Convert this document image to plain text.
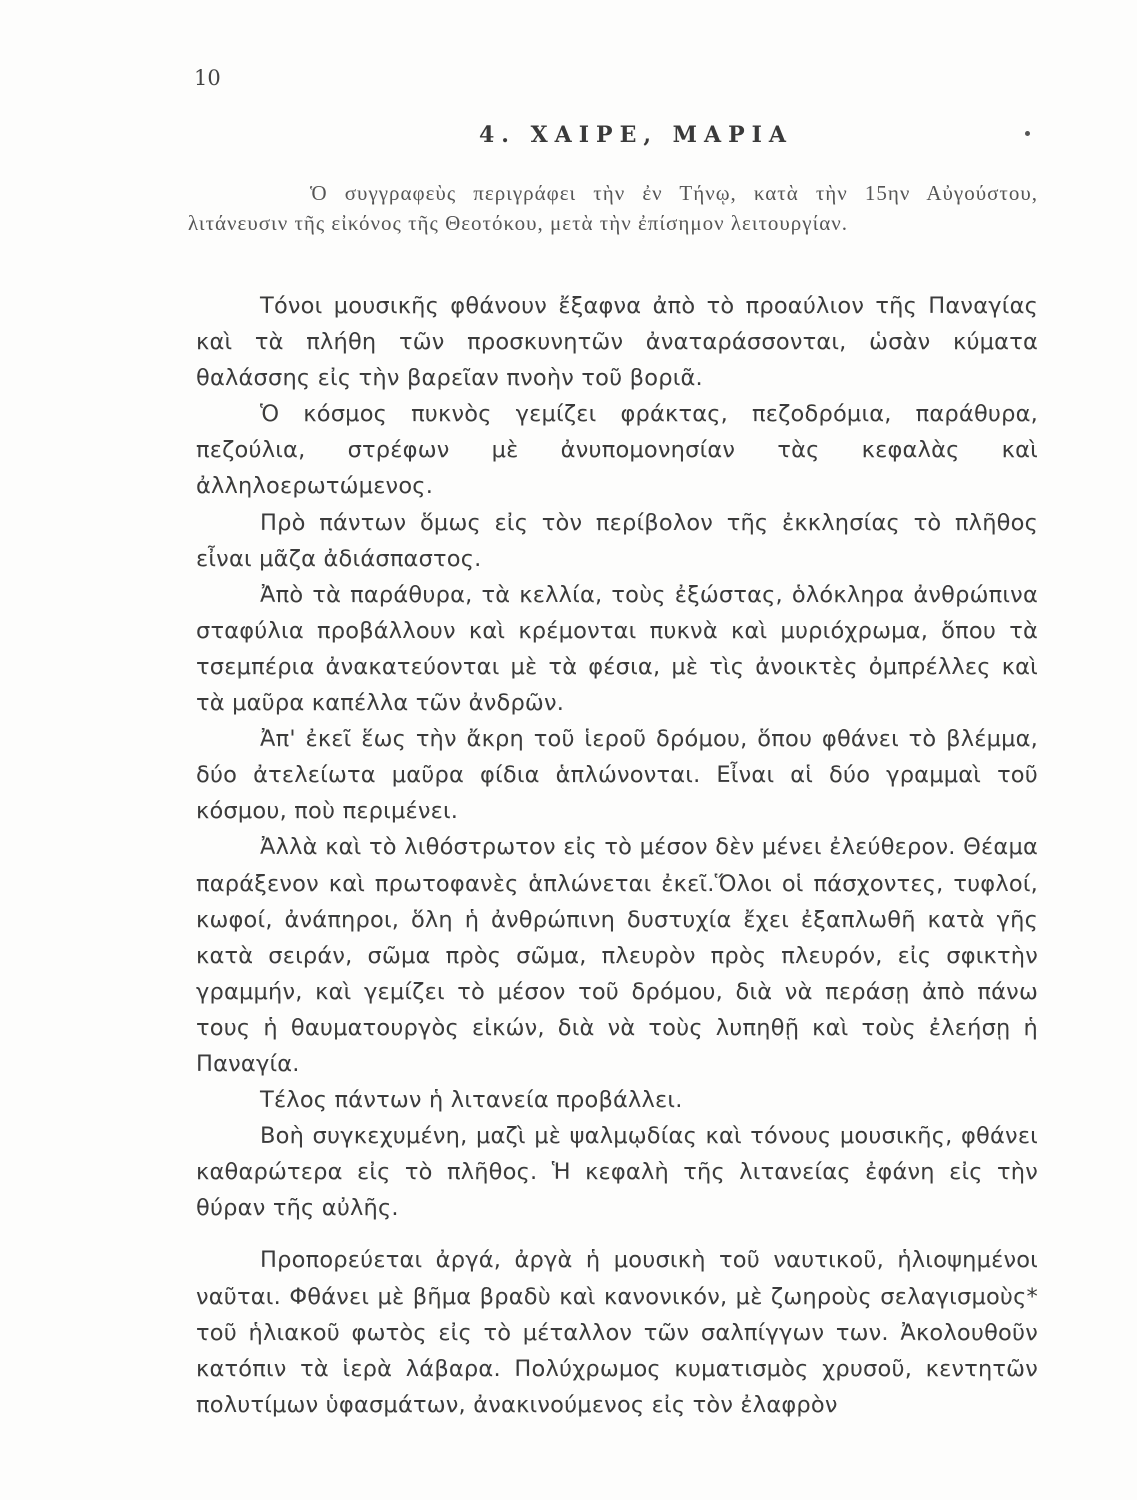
10
4. ΧΑΙΡΕ, ΜΑΡΙΑ

Ὁ συγγραφεὺς περιγράφει τὴν ἐν Τήνῳ, κατὰ τὴν 15ην Αὐγούστου, λιτάνευσιν τῆς εἰκόνος τῆς Θεοτόκου, μετὰ τὴν ἐπίσημον λειτουργίαν.

Τόνοι μουσικῆς φθάνουν ἔξαφνα ἀπὸ τὸ προαύλιον τῆς Παναγίας καὶ τὰ πλήθη τῶν προσκυνητῶν ἀναταράσσονται, ὡσὰν κύματα θαλάσσης εἰς τὴν βαρεῖαν πνοὴν τοῦ βοριᾶ.

Ὁ κόσμος πυκνὸς γεμίζει φράκτας, πεζοδρόμια, παράθυρα, πεζούλια, στρέφων μὲ ἀνυπομονησίαν τὰς κεφαλὰς καὶ ἀλληλοερωτώμενος.

Πρὸ πάντων ὅμως εἰς τὸν περίβολον τῆς ἐκκλησίας τὸ πλῆθος εἶναι μᾶζα ἀδιάσπαστος.

Ἀπὸ τὰ παράθυρα, τὰ κελλία, τοὺς ἐξώστας, ὁλόκληρα ἀνθρώπινα σταφύλια προβάλλουν καὶ κρέμονται πυκνὰ καὶ μυριόχρωμα, ὅπου τὰ τσεμπέρια ἀνακατεύονται μὲ τὰ φέσια, μὲ τὶς ἀνοικτὲς ὀμπρέλλες καὶ τὰ μαῦρα καπέλλα τῶν ἀνδρῶν.

Ἀπ' ἐκεῖ ἕως τὴν ἄκρη τοῦ ἱεροῦ δρόμου, ὅπου φθάνει τὸ βλέμμα, δύο ἀτελείωτα μαῦρα φίδια ἁπλώνονται. Εἶναι αἱ δύο γραμμαὶ τοῦ κόσμου, ποὺ περιμένει.

Ἀλλὰ καὶ τὸ λιθόστρωτον εἰς τὸ μέσον δὲν μένει ἐλεύθερον. Θέαμα παράξενον καὶ πρωτοφανὲς ἁπλώνεται ἐκεῖ.Ὅλοι οἱ πάσχοντες, τυφλοί, κωφοί, ἀνάπηροι, ὅλη ἡ ἀνθρώπινη δυστυχία ἔχει ἐξαπλωθῆ κατὰ γῆς κατὰ σειράν, σῶμα πρὸς σῶμα, πλευρὸν πρὸς πλευρόν, εἰς σφικτὴν γραμμήν, καὶ γεμίζει τὸ μέσον τοῦ δρόμου, διὰ νὰ περάσῃ ἀπὸ πάνω τους ἡ θαυματουργὸς εἰκών, διὰ νὰ τοὺς λυπηθῇ καὶ τοὺς ἐλεήσῃ ἡ Παναγία.

Τέλος πάντων ἡ λιτανεία προβάλλει.

Βοὴ συγκεχυμένη, μαζὶ μὲ ψαλμῳδίας καὶ τόνους μουσικῆς, φθάνει καθαρώτερα εἰς τὸ πλῆθος. Ἡ κεφαλὴ τῆς λιτανείας ἐφάνη εἰς τὴν θύραν τῆς αὐλῆς.

Προπορεύεται ἀργά, ἀργὰ ἡ μουσικὴ τοῦ ναυτικοῦ, ἡλιοψημένοι ναῦται. Φθάνει μὲ βῆμα βραδὺ καὶ κανονικόν, μὲ ζωηροὺς σελαγισμοὺς* τοῦ ἡλιακοῦ φωτὸς εἰς τὸ μέταλλον τῶν σαλπίγγων των. Ἀκολουθοῦν κατόπιν τὰ ἱερὰ λάβαρα. Πολύχρωμος κυματισμὸς χρυσοῦ, κεντητῶν πολυτίμων ὑφασμάτων, ἀνακινούμενος εἰς τὸν ἐλαφρὸν
